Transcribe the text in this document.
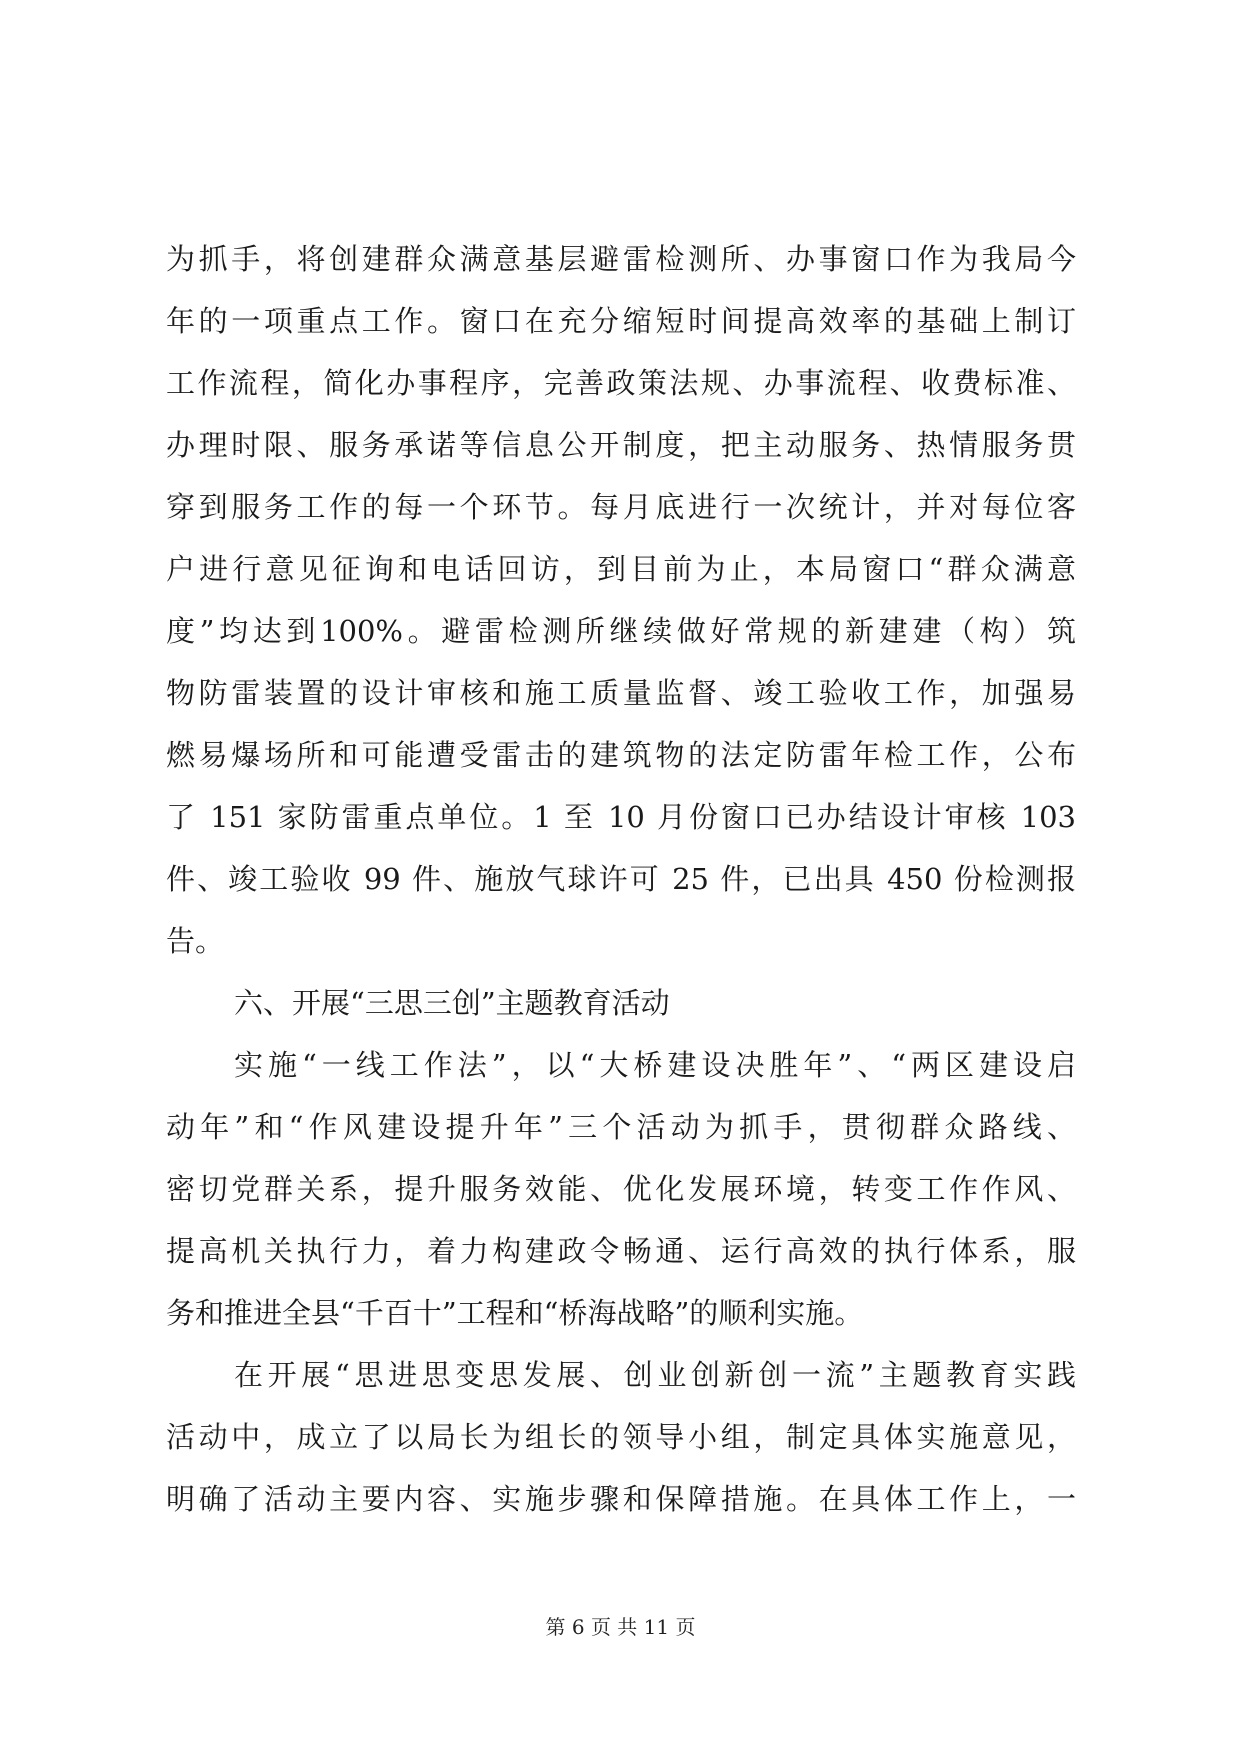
为抓手，将创建群众满意基层避雷检测所、办事窗口作为我局今
年的一项重点工作。窗口在充分缩短时间提高效率的基础上制订
工作流程，简化办事程序，完善政策法规、办事流程、收费标准、
办理时限、服务承诺等信息公开制度，把主动服务、热情服务贯
穿到服务工作的每一个环节。每月底进行一次统计，并对每位客
户进行意见征询和电话回访，到目前为止，本局窗口“群众满意
度”均达到100%。避雷检测所继续做好常规的新建建（构）筑
物防雷装置的设计审核和施工质量监督、竣工验收工作，加强易
燃易爆场所和可能遭受雷击的建筑物的法定防雷年检工作，公布
了 151 家防雷重点单位。1 至 10 月份窗口已办结设计审核 103
件、竣工验收 99 件、施放气球许可 25 件，已出具 450 份检测报
告。
六、开展“三思三创”主题教育活动
实施“一线工作法”，以“大桥建设决胜年”、“两区建设启
动年”和“作风建设提升年”三个活动为抓手，贯彻群众路线、
密切党群关系，提升服务效能、优化发展环境，转变工作作风、
提高机关执行力，着力构建政令畅通、运行高效的执行体系，服
务和推进全县“千百十”工程和“桥海战略”的顺利实施。
在开展“思进思变思发展、创业创新创一流”主题教育实践
活动中，成立了以局长为组长的领导小组，制定具体实施意见，
明确了活动主要内容、实施步骤和保障措施。在具体工作上，一
第 6 页 共 11 页
